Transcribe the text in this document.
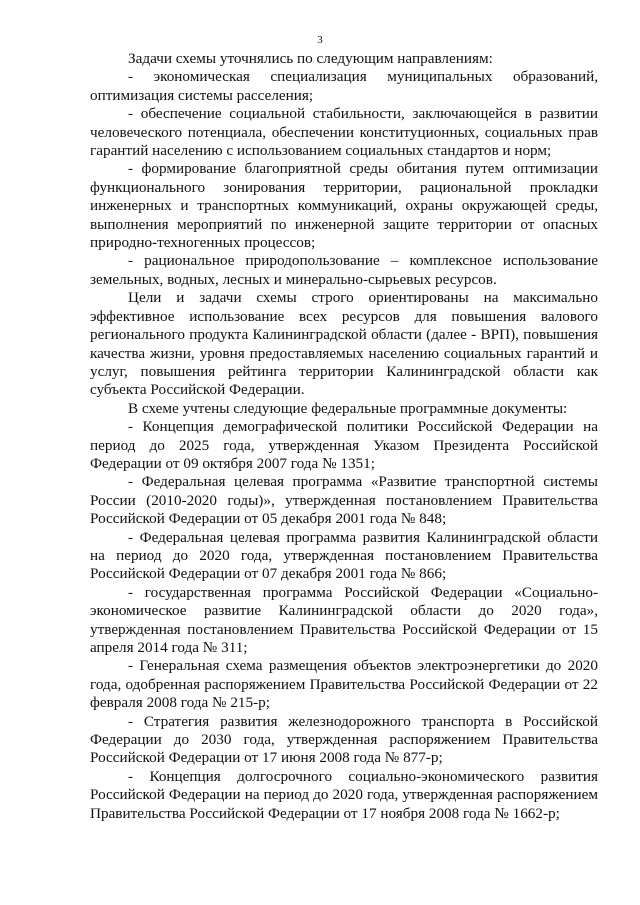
3

Задачи схемы уточнялись по следующим направлениям:

- экономическая специализация муниципальных образований, оптимизация системы расселения;

- обеспечение социальной стабильности, заключающейся в развитии человеческого потенциала, обеспечении конституционных, социальных прав гарантий населению с использованием социальных стандартов и норм;

- формирование благоприятной среды обитания путем оптимизации функционального зонирования территории, рациональной прокладки инженерных и транспортных коммуникаций, охраны окружающей среды, выполнения мероприятий по инженерной защите территории от опасных природно-техногенных процессов;

- рациональное природопользование – комплексное использование земельных, водных, лесных и минерально-сырьевых ресурсов.

Цели и задачи схемы строго ориентированы на максимально эффективное использование всех ресурсов для повышения валового регионального продукта Калининградской области (далее - ВРП), повышения качества жизни, уровня предоставляемых населению социальных гарантий и услуг, повышения рейтинга территории Калининградской области как субъекта Российской Федерации.

В схеме учтены следующие федеральные программные документы:

- Концепция демографической политики Российской Федерации на период до 2025 года, утвержденная Указом Президента Российской Федерации от 09 октября 2007 года № 1351;

- Федеральная целевая программа «Развитие транспортной системы России (2010-2020 годы)», утвержденная постановлением Правительства Российской Федерации от 05 декабря 2001 года № 848;

- Федеральная целевая программа развития Калининградской области на период до 2020 года, утвержденная постановлением Правительства Российской Федерации от 07 декабря 2001 года № 866;

- государственная программа Российской Федерации «Социально-экономическое развитие Калининградской области до 2020 года», утвержденная постановлением Правительства Российской Федерации от 15 апреля 2014 года № 311;

- Генеральная схема размещения объектов электроэнергетики до 2020 года, одобренная распоряжением Правительства Российской Федерации от 22 февраля 2008 года № 215-р;

- Стратегия развития железнодорожного транспорта в Российской Федерации до 2030 года, утвержденная распоряжением Правительства Российской Федерации от 17 июня 2008 года № 877-р;

- Концепция долгосрочного социально-экономического развития Российской Федерации на период до 2020 года, утвержденная распоряжением Правительства Российской Федерации от 17 ноября 2008 года № 1662-р;
